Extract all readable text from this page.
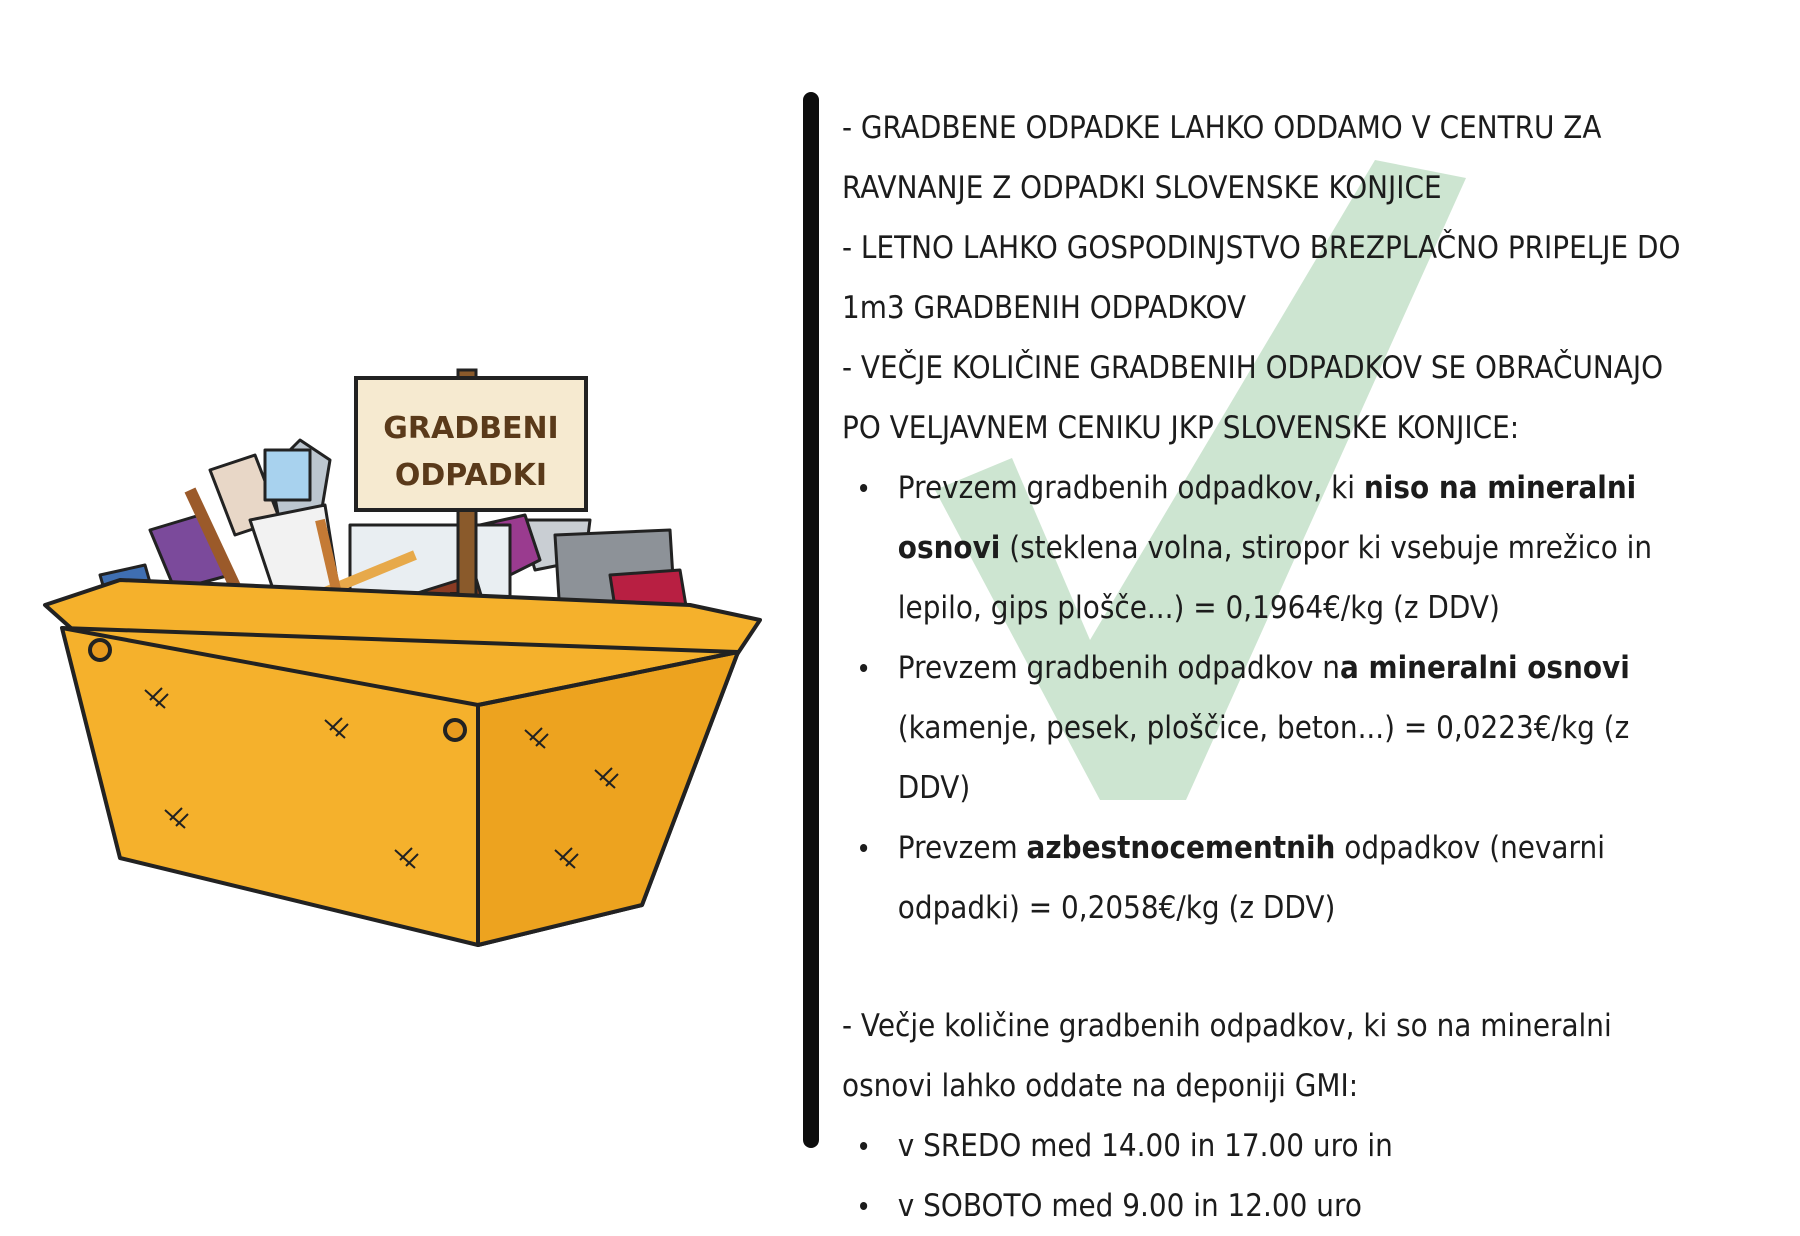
GRADBENI
ODPADKI

- GRADBENE ODPADKE LAHKO ODDAMO V CENTRU ZA

RAVNANJE Z ODPADKI SLOVENSKE KONJICE

- LETNO LAHKO GOSPODINJSTVO BREZPLAČNO PRIPELJE DO

1m3 GRADBENIH ODPADKOV

- VEČJE KOLIČINE GRADBENIH ODPADKOV SE OBRAČUNAJO

PO VELJAVNEM CENIKU JKP SLOVENSKE KONJICE:

Prevzem gradbenih odpadkov, ki niso na mineralni
osnovi (steklena volna, stiropor ki vsebuje mrežico in
lepilo, gips plošče...) = 0,1964€/kg (z DDV)
Prevzem gradbenih odpadkov na mineralni osnovi
(kamenje, pesek, ploščice, beton...) = 0,0223€/kg (z DDV)
Prevzem azbestnocementnih odpadkov (nevarni
odpadki) = 0,2058€/kg (z DDV)

- Večje količine gradbenih odpadkov, ki so na mineralni

osnovi lahko oddate na deponiji GMI:

v SREDO med 14.00 in 17.00 uro in
v SOBOTO med 9.00 in 12.00 uro
